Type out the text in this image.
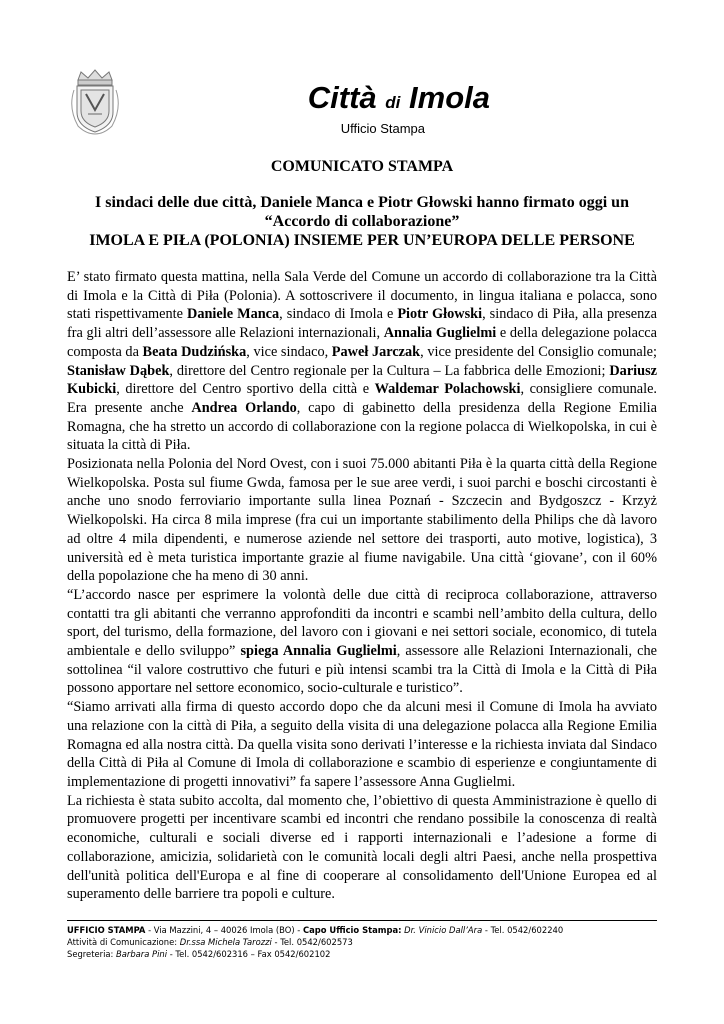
Città di Imola
Ufficio Stampa
COMUNICATO STAMPA
I sindaci delle due città, Daniele Manca e Piotr Głowski hanno firmato oggi un
“Accordo di collaborazione”
IMOLA E PIŁA (POLONIA) INSIEME PER UN’EUROPA DELLE PERSONE

E’ stato firmato questa mattina, nella Sala Verde del Comune un accordo di collaborazione tra la Città di Imola e la Città di Piła (Polonia). A sottoscrivere il documento, in lingua italiana e polacca, sono stati rispettivamente Daniele Manca, sindaco di Imola e Piotr Głowski, sindaco di Piła, alla presenza fra gli altri dell’assessore alle Relazioni internazionali, Annalia Guglielmi e della delegazione polacca composta da Beata Dudzińska, vice sindaco, Paweł Jarczak, vice presidente del Consiglio comunale; Stanisław Dąbek, direttore del Centro regionale per la Cultura – La fabbrica delle Emozioni; Dariusz Kubicki, direttore del Centro sportivo della città e Waldemar Polachowski, consigliere comunale. Era presente anche Andrea Orlando, capo di gabinetto della presidenza della Regione Emilia Romagna, che ha stretto un accordo di collaborazione con la regione polacca di Wielkopolska, in cui è situata la città di Piła.

Posizionata nella Polonia del Nord Ovest, con i suoi 75.000 abitanti Piła è la quarta città della Regione Wielkopolska. Posta sul fiume Gwda, famosa per le sue aree verdi, i suoi parchi e boschi circostanti è anche uno snodo ferroviario importante sulla linea Poznań - Szczecin and Bydgoszcz - Krzyż Wielkopolski. Ha circa 8 mila imprese (fra cui un importante stabilimento della Philips che dà lavoro ad oltre 4 mila dipendenti, e numerose aziende nel settore dei trasporti, auto motive, logistica), 3 università ed è meta turistica importante grazie al fiume navigabile. Una città ‘giovane’, con il 60% della popolazione che ha meno di 30 anni.

“L’accordo nasce per esprimere la volontà delle due città di reciproca collaborazione, attraverso contatti tra gli abitanti che verranno approfonditi da incontri e scambi nell’ambito della cultura, dello sport, del turismo, della formazione, del lavoro con i giovani e nei settori sociale, economico, di tutela ambientale e dello sviluppo” spiega Annalia Guglielmi, assessore alle Relazioni Internazionali, che sottolinea “il valore costruttivo che futuri e più intensi scambi tra la Città di Imola e la Città di Piła possono apportare nel settore economico, socio-culturale e turistico”.

“Siamo arrivati alla firma di questo accordo dopo che da alcuni mesi il Comune di Imola ha avviato una relazione con la città di Piła, a seguito della visita di una delegazione polacca alla Regione Emilia Romagna ed alla nostra città. Da quella visita sono derivati l’interesse e la richiesta inviata dal Sindaco della Città di Piła al Comune di Imola di collaborazione e scambio di esperienze e congiuntamente di implementazione di progetti innovativi” fa sapere l’assessore Anna Guglielmi.

La richiesta è stata subito accolta, dal momento che, l’obiettivo di questa Amministrazione è quello di promuovere progetti per incentivare scambi ed incontri che rendano possibile la conoscenza di realtà economiche, culturali e sociali diverse ed i rapporti internazionali e l’adesione a forme di collaborazione, amicizia, solidarietà con le comunità locali degli altri Paesi, anche nella prospettiva dell'unità politica dell'Europa e al fine di cooperare al consolidamento dell'Unione Europea ed al superamento delle barriere tra popoli e culture.

UFFICIO STAMPA - Via Mazzini, 4 – 40026 Imola (BO) - Capo Ufficio Stampa: Dr. Vinicio Dall’Ara - Tel. 0542/602240
Attività di Comunicazione: Dr.ssa Michela Tarozzi - Tel. 0542/602573
Segreteria: Barbara Pini - Tel. 0542/602316 – Fax 0542/602102
